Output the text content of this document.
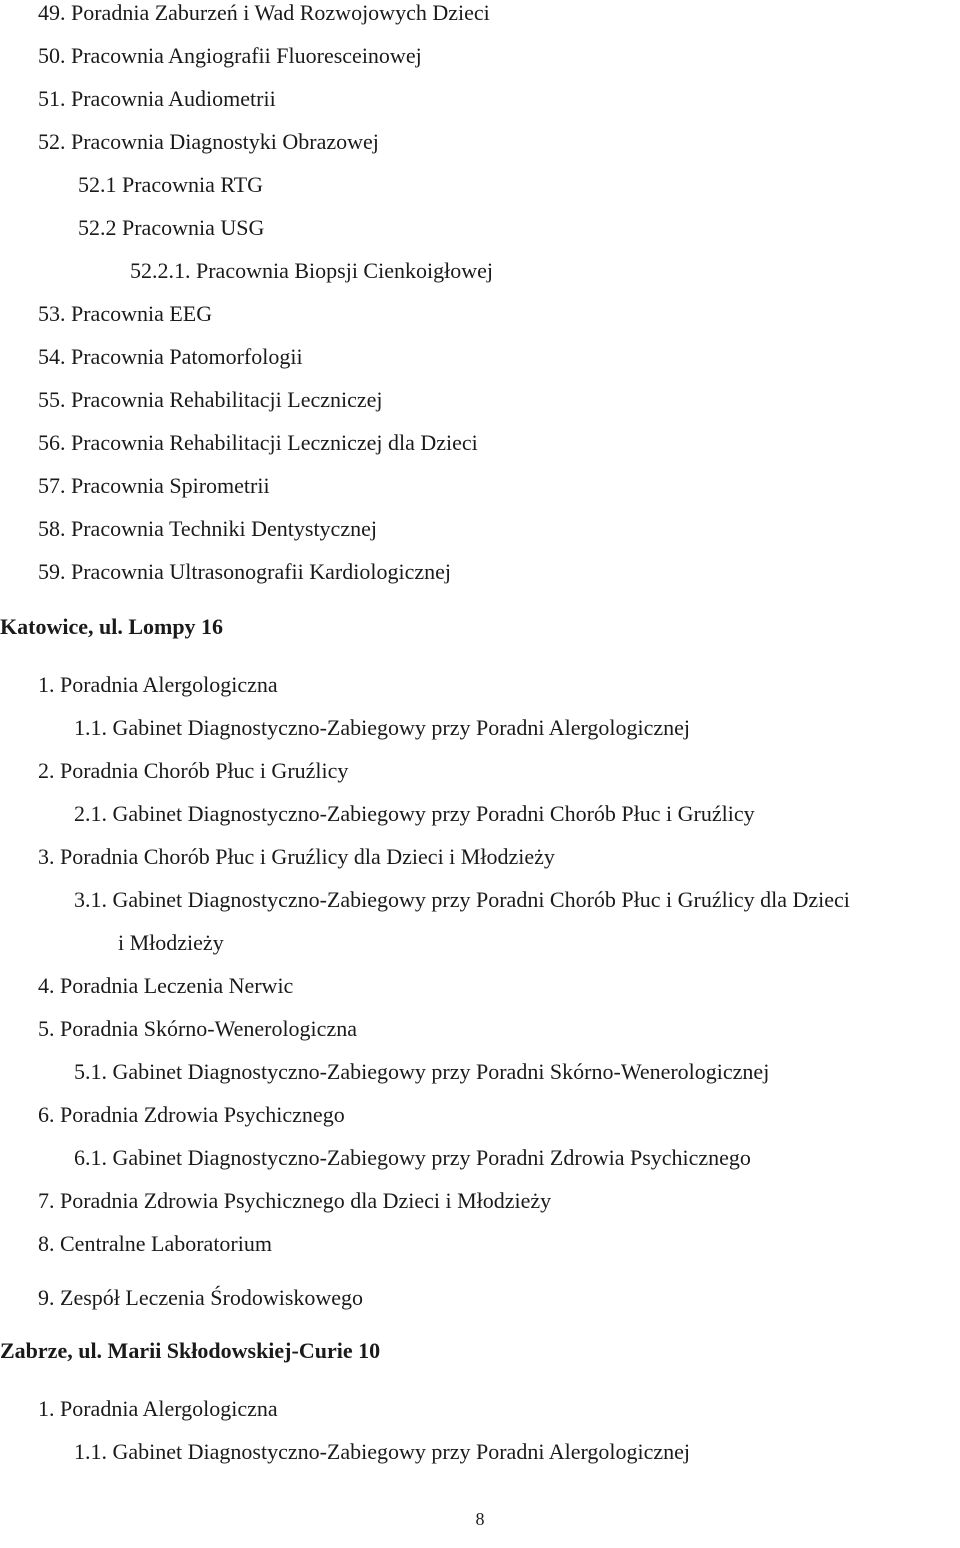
49. Poradnia Zaburzeń i Wad Rozwojowych Dzieci
50. Pracownia Angiografii Fluoresceinowej
51. Pracownia Audiometrii
52. Pracownia Diagnostyki Obrazowej
52.1 Pracownia RTG
52.2 Pracownia USG
52.2.1. Pracownia Biopsji Cienkoigłowej
53. Pracownia EEG
54. Pracownia Patomorfologii
55. Pracownia Rehabilitacji Leczniczej
56. Pracownia Rehabilitacji Leczniczej dla Dzieci
57. Pracownia Spirometrii
58. Pracownia Techniki Dentystycznej
59. Pracownia Ultrasonografii Kardiologicznej
Katowice, ul. Lompy 16
1. Poradnia Alergologiczna
1.1. Gabinet Diagnostyczno-Zabiegowy przy Poradni Alergologicznej
2. Poradnia Chorób Płuc i Gruźlicy
2.1. Gabinet Diagnostyczno-Zabiegowy przy Poradni Chorób Płuc i Gruźlicy
3. Poradnia Chorób Płuc i Gruźlicy dla Dzieci i Młodzieży
3.1. Gabinet Diagnostyczno-Zabiegowy przy Poradni Chorób Płuc i Gruźlicy dla Dzieci
i Młodzieży
4. Poradnia Leczenia Nerwic
5. Poradnia Skórno-Wenerologiczna
5.1. Gabinet Diagnostyczno-Zabiegowy przy Poradni Skórno-Wenerologicznej
6. Poradnia Zdrowia Psychicznego
6.1. Gabinet Diagnostyczno-Zabiegowy przy Poradni Zdrowia Psychicznego
7. Poradnia Zdrowia Psychicznego dla Dzieci i Młodzieży
8. Centralne Laboratorium
9. Zespół Leczenia Środowiskowego
Zabrze, ul. Marii Skłodowskiej-Curie 10
1. Poradnia Alergologiczna
1.1. Gabinet Diagnostyczno-Zabiegowy przy Poradni Alergologicznej
8
